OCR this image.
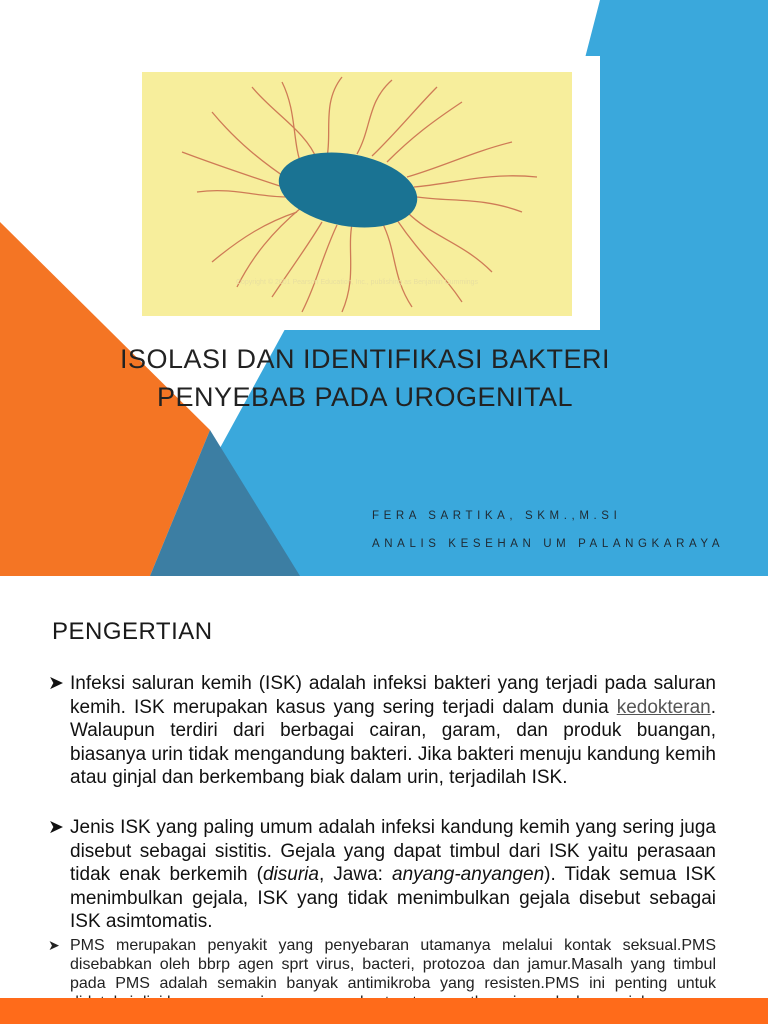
Copyright © 2001 Pearson Education, Inc., publishing as Benjamin Cummings
ISOLASI DAN IDENTIFIKASI BAKTERI
PENYEBAB PADA UROGENITAL
FERA SARTIKA, SKM.,M.SI
ANALIS KESEHAN UM PALANGKARAYA
PENGERTIAN
➤ Infeksi saluran kemih (ISK) adalah infeksi bakteri yang terjadi pada saluran kemih. ISK merupakan kasus yang sering terjadi dalam dunia kedokteran. Walaupun terdiri dari berbagai cairan, garam, dan produk buangan, biasanya urin tidak mengandung bakteri. Jika bakteri menuju kandung kemih atau ginjal dan berkembang biak dalam urin, terjadilah ISK.
➤ Jenis ISK yang paling umum adalah infeksi kandung kemih yang sering juga disebut sebagai sistitis. Gejala yang dapat timbul dari ISK yaitu perasaan tidak enak berkemih (disuria, Jawa: anyang-anyangen). Tidak semua ISK menimbulkan gejala, ISK yang tidak menimbulkan gejala disebut sebagai ISK asimtomatis.
➤ PMS merupakan penyakit yang penyebaran utamanya melalui kontak seksual.PMS disebabkan oleh bbrp agen sprt virus, bacteri, protozoa dan jamur.Masalh yang timbul pada PMS adalah semakin banyak antimikroba yang resisten.PMS ini penting untuk
